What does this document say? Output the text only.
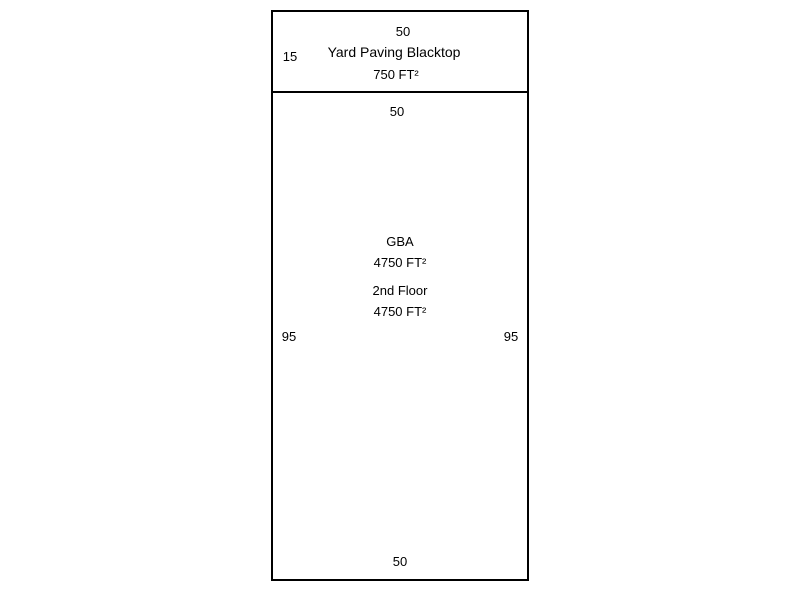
50
15 Yard Paving Blacktop
750 FT²
50
95	95
50
GBA
4750 FT²
2nd Floor
4750 FT²
